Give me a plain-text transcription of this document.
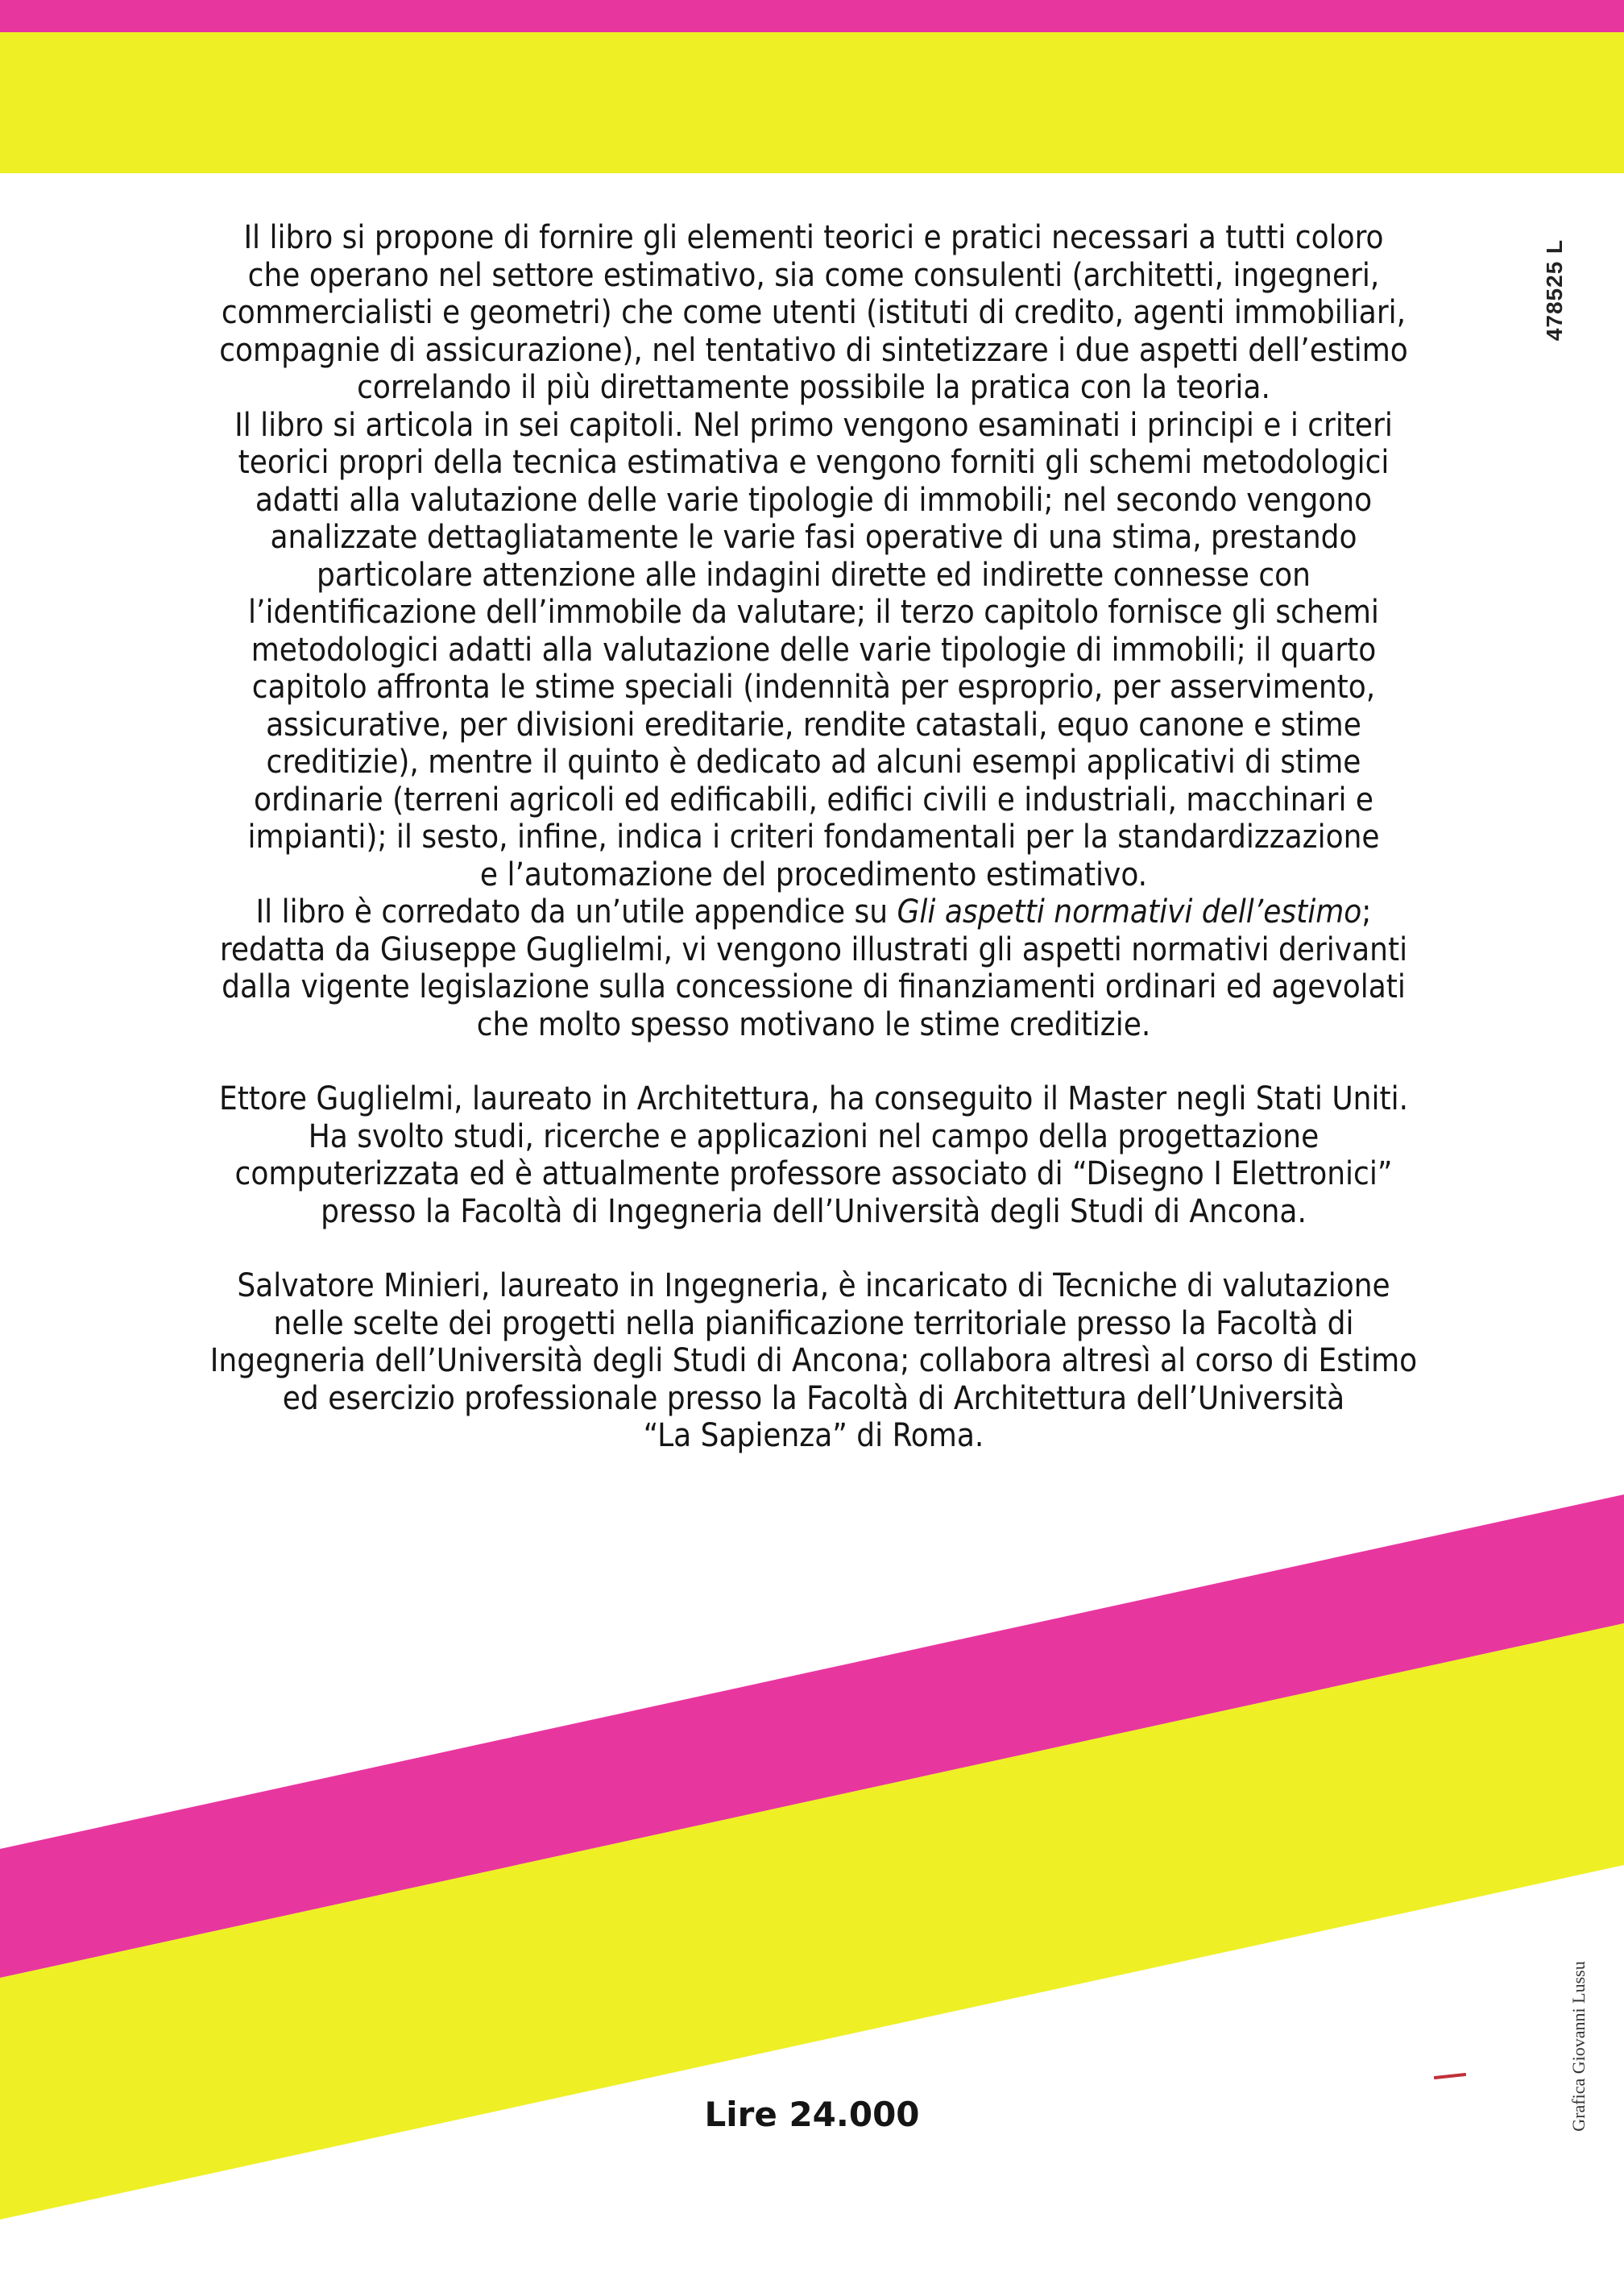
478525 L

Il libro si propone di fornire gli elementi teorici e pratici necessari a tutti coloro

che operano nel settore estimativo, sia come consulenti (architetti, ingegneri,

commercialisti e geometri) che come utenti (istituti di credito, agenti immobiliari,

compagnie di assicurazione), nel tentativo di sintetizzare i due aspetti dell’estimo

correlando il più direttamente possibile la pratica con la teoria.

Il libro si articola in sei capitoli. Nel primo vengono esaminati i principi e i criteri

teorici propri della tecnica estimativa e vengono forniti gli schemi metodologici

adatti alla valutazione delle varie tipologie di immobili; nel secondo vengono

analizzate dettagliatamente le varie fasi operative di una stima, prestando

particolare attenzione alle indagini dirette ed indirette connesse con

l’identificazione dell’immobile da valutare; il terzo capitolo fornisce gli schemi

metodologici adatti alla valutazione delle varie tipologie di immobili; il quarto

capitolo affronta le stime speciali (indennità per esproprio, per asservimento,

assicurative, per divisioni ereditarie, rendite catastali, equo canone e stime

creditizie), mentre il quinto è dedicato ad alcuni esempi applicativi di stime

ordinarie (terreni agricoli ed edificabili, edifici civili e industriali, macchinari e

impianti); il sesto, infine, indica i criteri fondamentali per la standardizzazione

e l’automazione del procedimento estimativo.

Il libro è corredato da un’utile appendice su Gli aspetti normativi dell’estimo;

redatta da Giuseppe Guglielmi, vi vengono illustrati gli aspetti normativi derivanti

dalla vigente legislazione sulla concessione di finanziamenti ordinari ed agevolati

che molto spesso motivano le stime creditizie.

Ettore Guglielmi, laureato in Architettura, ha conseguito il Master negli Stati Uniti.

Ha svolto studi, ricerche e applicazioni nel campo della progettazione

computerizzata ed è attualmente professore associato di “Disegno I Elettronici”

presso la Facoltà di Ingegneria dell’Università degli Studi di Ancona.

Salvatore Minieri, laureato in Ingegneria, è incaricato di Tecniche di valutazione

nelle scelte dei progetti nella pianificazione territoriale presso la Facoltà di

Ingegneria dell’Università degli Studi di Ancona; collabora altresì al corso di Estimo

ed esercizio professionale presso la Facoltà di Architettura dell’Università

“La Sapienza” di Roma.

Lire 24.000	Grafica Giovanni Lussu
